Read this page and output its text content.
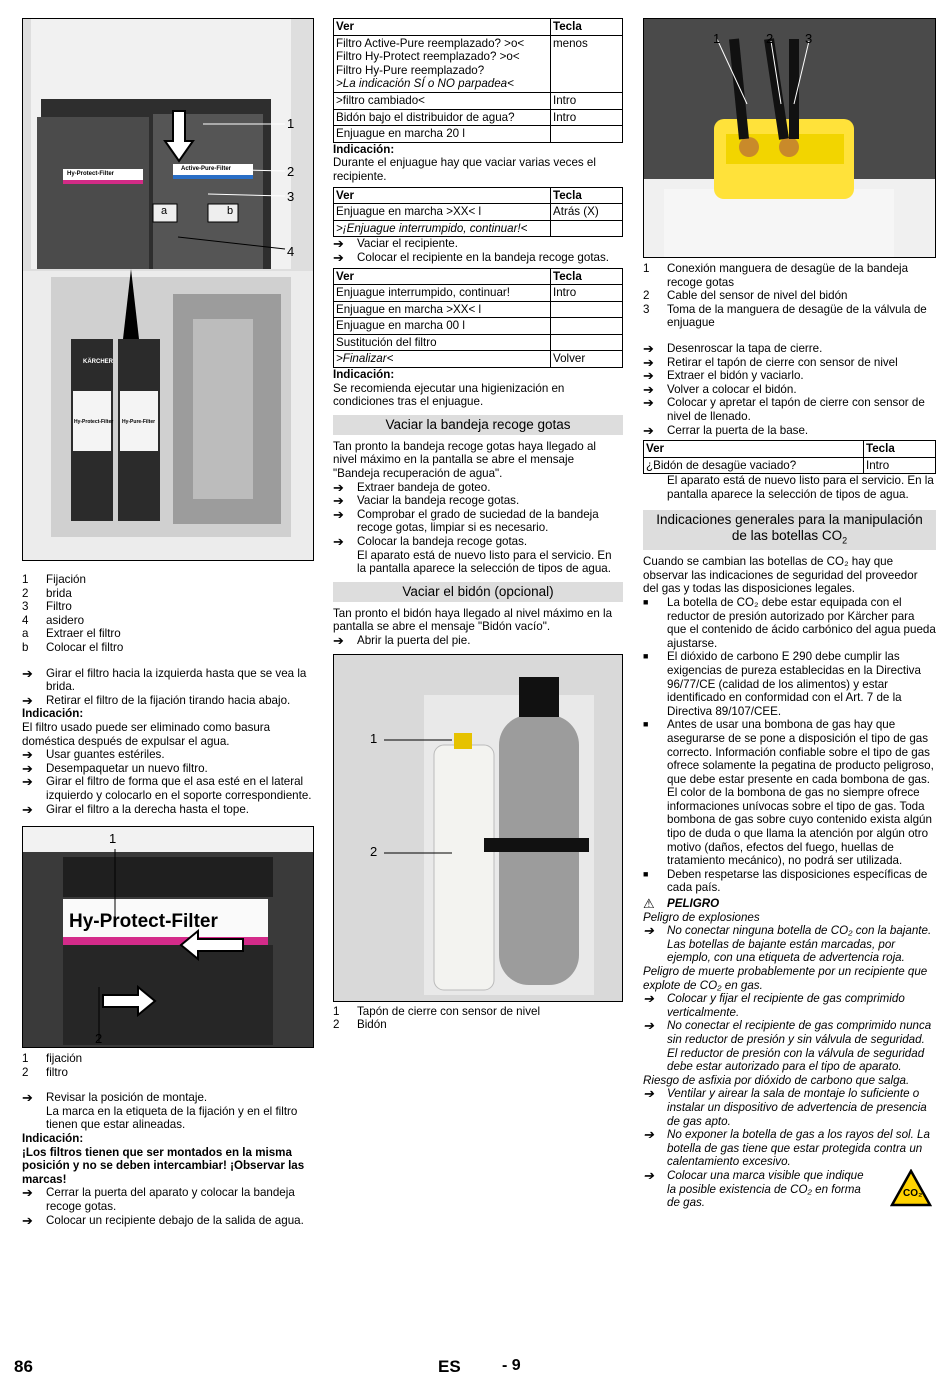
1
2
3
4
a	b
Hy-Protect-Filter
Active-Pure-Filter
KÄRCHER
Hy-Pure-Filter
Hy-Protect-Filter
1	Fijación
2	brida
3	Filtro
4	asidero
a	Extraer el filtro
b	Colocar el filtro
➔	Girar el filtro hacia la izquierda hasta que se vea la brida.
➔	Retirar el filtro de la fijación tirando hacia abajo.

Indicación:

El filtro usado puede ser eliminado como basura doméstica después de expulsar el agua.

➔	Usar guantes estériles.
➔	Desempaquetar un nuevo filtro.
➔	Girar el filtro de forma que el asa esté en el lateral izquierdo y colocarlo en el soporte correspondiente.
➔	Girar el filtro a la derecha hasta el tope.
1
2
Hy-Protect-Filter
1	fijación
2	filtro
➔	Revisar la posición de montaje.

La marca en la etiqueta de la fijación y en el filtro tienen que estar alineadas.

Indicación:

¡Los filtros tienen que ser montados en la misma posición y no se deben intercambiar! ¡Observar las marcas!

➔	Cerrar la puerta del aparato y colocar la bandeja recoge gotas.
➔	Colocar un recipiente debajo de la salida de agua.
Ver	Tecla

Filtro Active-Pure reemplazado? >o<
Filtro Hy-Protect reemplazado? >o<
Filtro Hy-Pure reemplazado?
>La indicación SÍ o NO parpadea<	menos
>filtro cambiado<	Intro
Bidón bajo el distribuidor de agua?	Intro
Enjuague en marcha 20 l	

Indicación:

Durante el enjuague hay que vaciar varias veces el recipiente.

Ver	Tecla
Enjuague en marcha >XX< l	Atrás (X)
>¡Enjuague interrumpido, continuar!<	
➔	Vaciar el recipiente.
➔	Colocar el recipiente en la bandeja recoge gotas.
Ver	Tecla
Enjuague interrumpido, continuar!	Intro
Enjuague en marcha >XX< l	
Enjuague en marcha 00 l	
Sustitución del filtro	
>Finalizar<	Volver

Indicación:

Se recomienda ejecutar una higienización en condiciones tras el enjuague.

Vaciar la bandeja recoge gotas

Tan pronto la bandeja recoge gotas haya llegado al nivel máximo en la pantalla se abre el mensaje "Bandeja recuperación de agua".

➔	Extraer bandeja de goteo.
➔	Vaciar la bandeja recoge gotas.
➔	Comprobar el grado de suciedad de la bandeja recoge gotas, limpiar si es necesario.
➔	Colocar la bandeja recoge gotas.

El aparato está de nuevo listo para el servicio. En la pantalla aparece la selección de tipos de agua.

Vaciar el bidón (opcional)

Tan pronto el bidón haya llegado al nivel máximo en la pantalla se abre el mensaje "Bidón vacío".

➔	Abrir la puerta del pie.
1
2
1	Tapón de cierre con sensor de nivel
2	Bidón
1	2 3
1	Conexión manguera de desagüe de la bandeja recoge gotas
2	Cable del sensor de nivel del bidón
3	Toma de la manguera de desagüe de la válvula de enjuague
➔	Desenroscar la tapa de cierre.
➔	Retirar el tapón de cierre con sensor de nivel
➔	Extraer el bidón y vaciarlo.
➔	Volver a colocar el bidón.
➔	Colocar y apretar el tapón de cierre con sensor de nivel de llenado.
➔	Cerrar la puerta de la base.
Ver	Tecla
¿Bidón de desagüe vaciado?	Intro

El aparato está de nuevo listo para el servicio. En la pantalla aparece la selección de tipos de agua.

Indicaciones generales para la manipulación
de las botellas $CO_2$

Cuando se cambian las botellas de CO₂ hay que observar las indicaciones de seguridad del proveedor del gas y todas las disposiciones legales.

■	La botella de CO₂ debe estar equipada con el reductor de presión autorizado por Kärcher para que el contenido de ácido carbónico del agua pueda ajustarse.
■	El dióxido de carbono E 290 debe cumplir las exigencias de pureza establecidas en la Directiva 96/77/CE (calidad de los alimentos) y estar identificado en conformidad con el Art. 7 de la Directiva 89/107/CEE.
■	Antes de usar una bombona de gas hay que asegurarse de se pone a disposición el tipo de gas correcto. Información confiable sobre el tipo de gas ofrece solamente la pegatina de producto peligroso, que debe estar presente en cada bombona de gas. El color de la bombona de gas no siempre ofrece informaciones unívocas sobre el tipo de gas. Toda bombona de gas sobre cuyo contenido exista algún tipo de duda o que llama la atención por algún otro motivo (daños, efectos del fuego, huellas de tratamiento mecánico), no podrá ser utilizada.
■	Deben respetarse las disposiciones específicas de cada país.
⚠	PELIGRO

Peligro de explosiones

➔	No conectar ninguna botella de CO₂ con la bajante. Las botellas de bajante están marcadas, por ejemplo, con una etiqueta de advertencia roja.

Peligro de muerte probablemente por un recipiente que explote de CO₂ en gas.

➔	Colocar y fijar el recipiente de gas comprimido verticalmente.
➔	No conectar el recipiente de gas comprimido nunca sin reductor de presión y sin válvula de seguridad. El reductor de presión con la válvula de seguridad debe estar autorizado para el tipo de aparato.

Riesgo de asfixia por dióxido de carbono que salga.

➔	Ventilar y airear la sala de montaje lo suficiente o instalar un dispositivo de advertencia de presencia de gas apto.
➔	No exponer la botella de gas a los rayos del sol. La botella de gas tiene que estar protegida contra un calentamiento excesivo.
➔	Colocar una marca visible que indique la posible existencia de CO₂ en forma de gas.
CO₂
86	ES	- 9
